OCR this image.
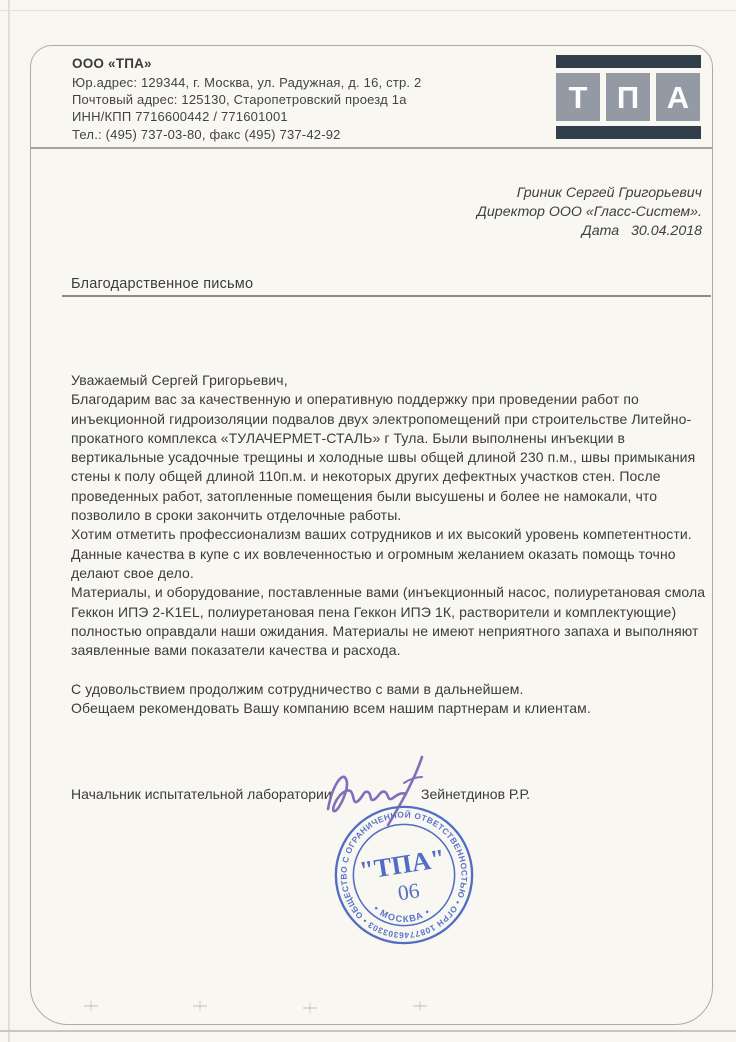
ООО «ТПА»
Юр.адрес: 129344, г. Москва, ул. Радужная, д. 16, стр. 2
Почтовый адрес: 125130, Старопетровский проезд 1а
ИНН/КПП 7716600442 / 771601001
Тел.: (495) 737-03-80, факс (495) 737-42-92
Т П А
Гриник Сергей Григорьевич
Директор ООО «Гласс-Систем».
Дата   30.04.2018
Благодарственное письмо
Уважаемый Сергей Григорьевич,
Благодарим вас за качественную и оперативную поддержку при проведении работ по
инъекционной гидроизоляции подвалов двух электропомещений при строительстве Литейно-
прокатного комплекса «ТУЛАЧЕРМЕТ-СТАЛЬ» г Тула. Были выполнены инъекции в
вертикальные усадочные трещины и холодные швы общей длиной 230 п.м., швы примыкания
стены к полу общей длиной 110п.м. и некоторых других дефектных участков стен. После
проведенных работ, затопленные помещения были высушены и более не намокали, что
позволило в сроки закончить отделочные работы.
Хотим отметить профессионализм ваших сотрудников и их высокий уровень компетентности.
Данные качества в купе с их вовлеченностью и огромным желанием оказать помощь точно
делают свое дело.
Материалы, и оборудование, поставленные вами (инъекционный насос, полиуретановая смола
Геккон ИПЭ 2-K1EL, полиуретановая пена Геккон ИПЭ 1К, растворители и комплектующие)
полностью оправдали наши ожидания. Материалы не имеют неприятного запаха и выполняют
заявленные вами показатели качества и расхода.
С удовольствием продолжим сотрудничество с вами в дальнейшем.
Обещаем рекомендовать Вашу компанию всем нашим партнерам и клиентам.
Начальник испытательной лаборатории	Зейнетдинов Р.Р.
ОБЩЕСТВО С ОГРАНИЧЕННОЙ ОТВЕТСТВЕННОСТЬЮ • ОГРН 1087746303303 •
• МОСКВА •
"ТПА"
06
